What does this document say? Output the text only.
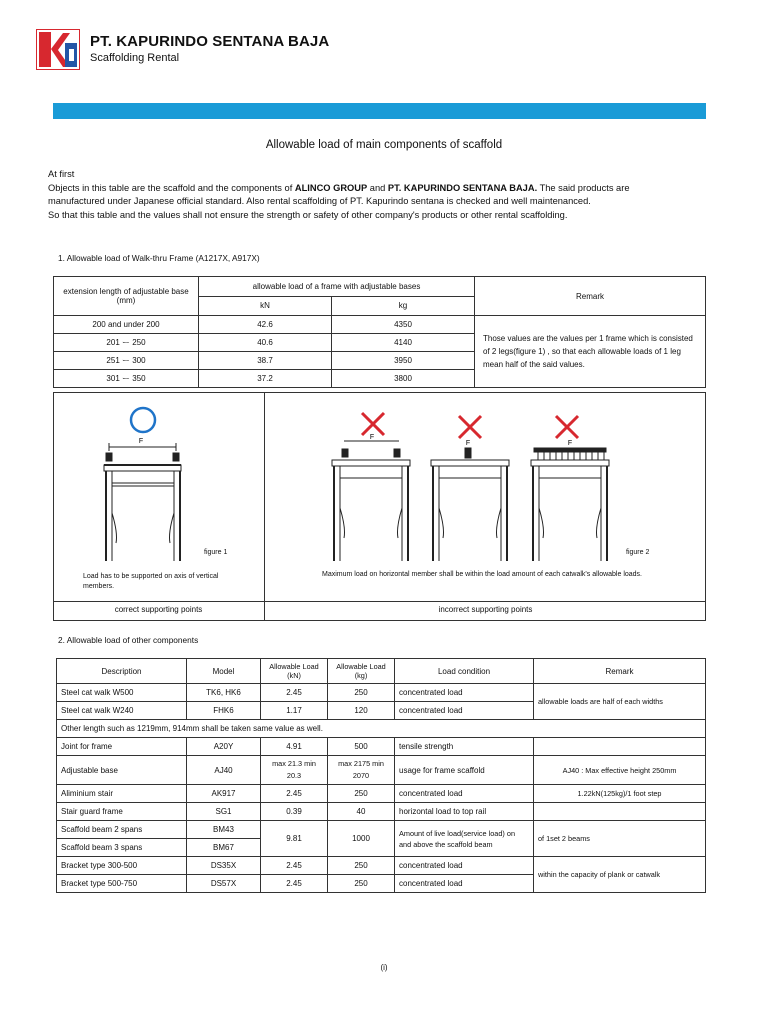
PT. KAPURINDO SENTANA BAJA
Scaffolding Rental
Allowable load of main components of scaffold
At first
Objects in this table are the scaffold and the components of ALINCO GROUP and PT. KAPURINDO SENTANA BAJA. The said products are
manufactured under Japanese official standard. Also rental scaffolding of PT. Kapurindo sentana is checked and well maintenanced.
So that this table and the values shall not ensure the strength or safety of other company's products or other rental scaffolding.
1. Allowable load of Walk-thru Frame (A1217X, A917X)
extension length of adjustable base (mm)	allowable load of a frame with adjustable bases		Remark
	kN	kg	
200 and under 200	42.6	4350	Those values are the values per 1 frame which is consisted of 2 legs(figure 1) , so that each allowable loads of 1 leg mean half of the said values.
201 ー 250	40.6	4140	
251 ー 300	38.7	3950	
301 ー 350	37.2	3800	
F
F
F	F
figure 1	figure 2
Load has to be supported on axis of vertical members.
Maximum load on horizontal member shall be within the load amount of each catwalk's allowable loads.
correct supporting points	incorrect supporting points
2. Allowable load of other components
Description	Model	Allowable Load (kN)	Allowable Load (kg)	Load condition	Remark
Steel cat walk W500	TK6, HK6	2.45	250	concentrated load	allowable loads are half of each widths
Steel cat walk W240	FHK6	1.17	120	concentrated load	
Other length such as 1219mm, 914mm shall be taken same value as well.					
Joint for frame	A20Y	4.91	500	tensile strength	
Adjustable base	AJ40	max 21.3 min 20.3	max 2175 min 2070	usage for frame scaffold	AJ40 : Max effective height 250mm
Aliminium stair	AK917	2.45	250	concentrated load	1.22kN(125kg)/1 foot step
Stair guard frame	SG1	0.39	40	horizontal load to top rail	
Scaffold beam 2 spans	BM43	9.81	1000	Amount of live load(service load) on and above the scaffold beam	of 1set 2 beams
Scaffold beam 3 spans	BM67				
Bracket type 300-500	DS35X	2.45	250	concentrated load	within the capacity of plank or catwalk
Bracket type 500-750	DS57X	2.45	250	concentrated load	
(i)
